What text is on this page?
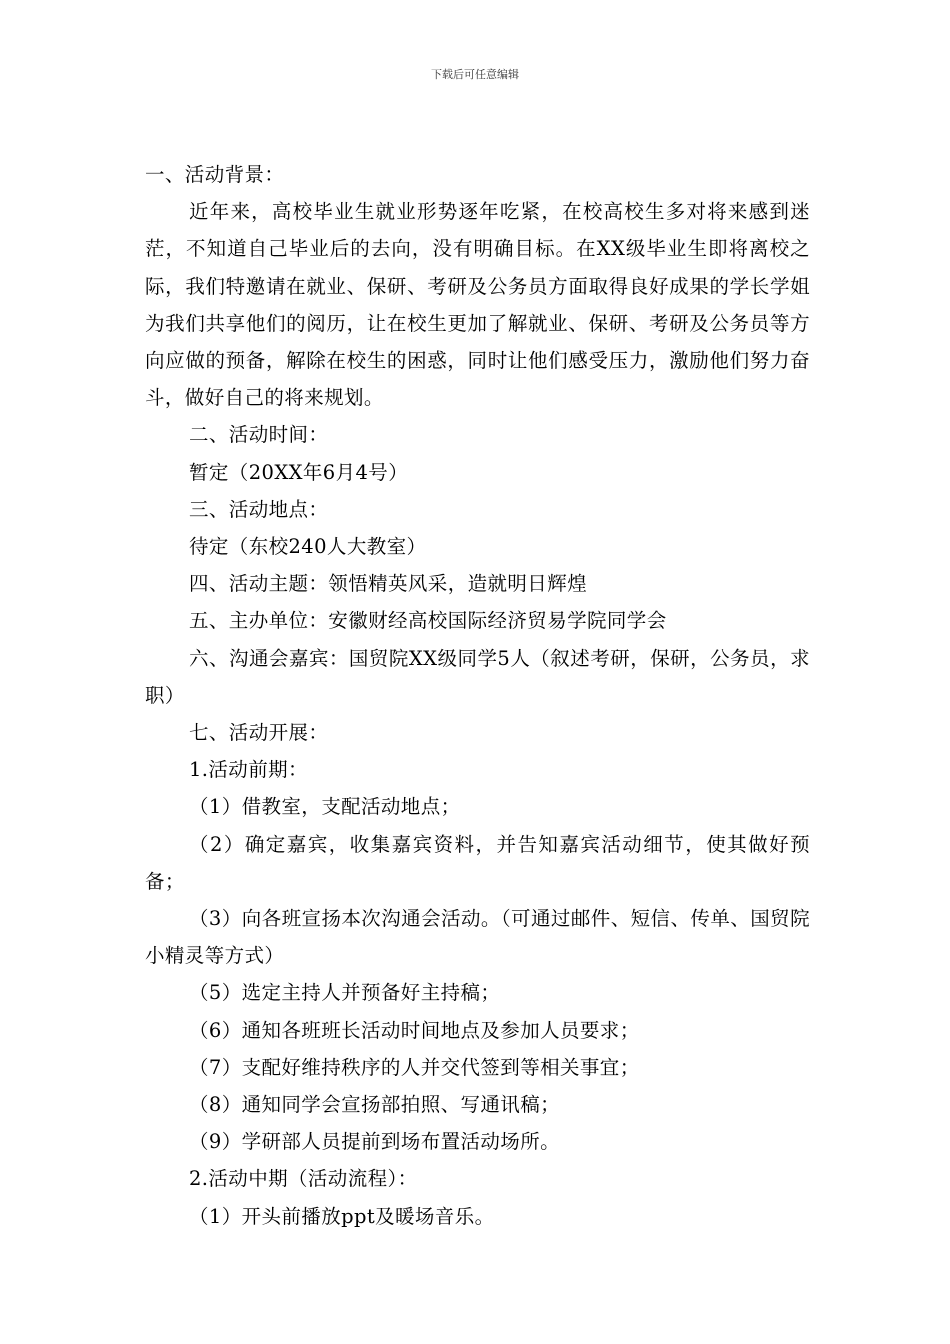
下载后可任意编辑

一、活动背景：

近年来，高校毕业生就业形势逐年吃紧，在校高校生多对将来感到迷茫，不知道自己毕业后的去向，没有明确目标。在XX级毕业生即将离校之际，我们特邀请在就业、保研、考研及公务员方面取得良好成果的学长学姐为我们共享他们的阅历，让在校生更加了解就业、保研、考研及公务员等方向应做的预备，解除在校生的困惑，同时让他们感受压力，激励他们努力奋斗，做好自己的将来规划。

二、活动时间：

暂定（20XX年6月4号）

三、活动地点：

待定（东校240人大教室）

四、活动主题：领悟精英风采，造就明日辉煌

五、主办单位：安徽财经高校国际经济贸易学院同学会

六、沟通会嘉宾：国贸院XX级同学5人（叙述考研，保研，公务员，求职）

七、活动开展：

1.活动前期：

（1）借教室，支配活动地点；

（2）确定嘉宾，收集嘉宾资料，并告知嘉宾活动细节，使其做好预备；

（3）向各班宣扬本次沟通会活动。（可通过邮件、短信、传单、国贸院小精灵等方式）

（5）选定主持人并预备好主持稿；

（6）通知各班班长活动时间地点及参加人员要求；

（7）支配好维持秩序的人并交代签到等相关事宜；

（8）通知同学会宣扬部拍照、写通讯稿；

（9）学研部人员提前到场布置活动场所。

2.活动中期（活动流程）：

（1）开头前播放ppt及暖场音乐。
